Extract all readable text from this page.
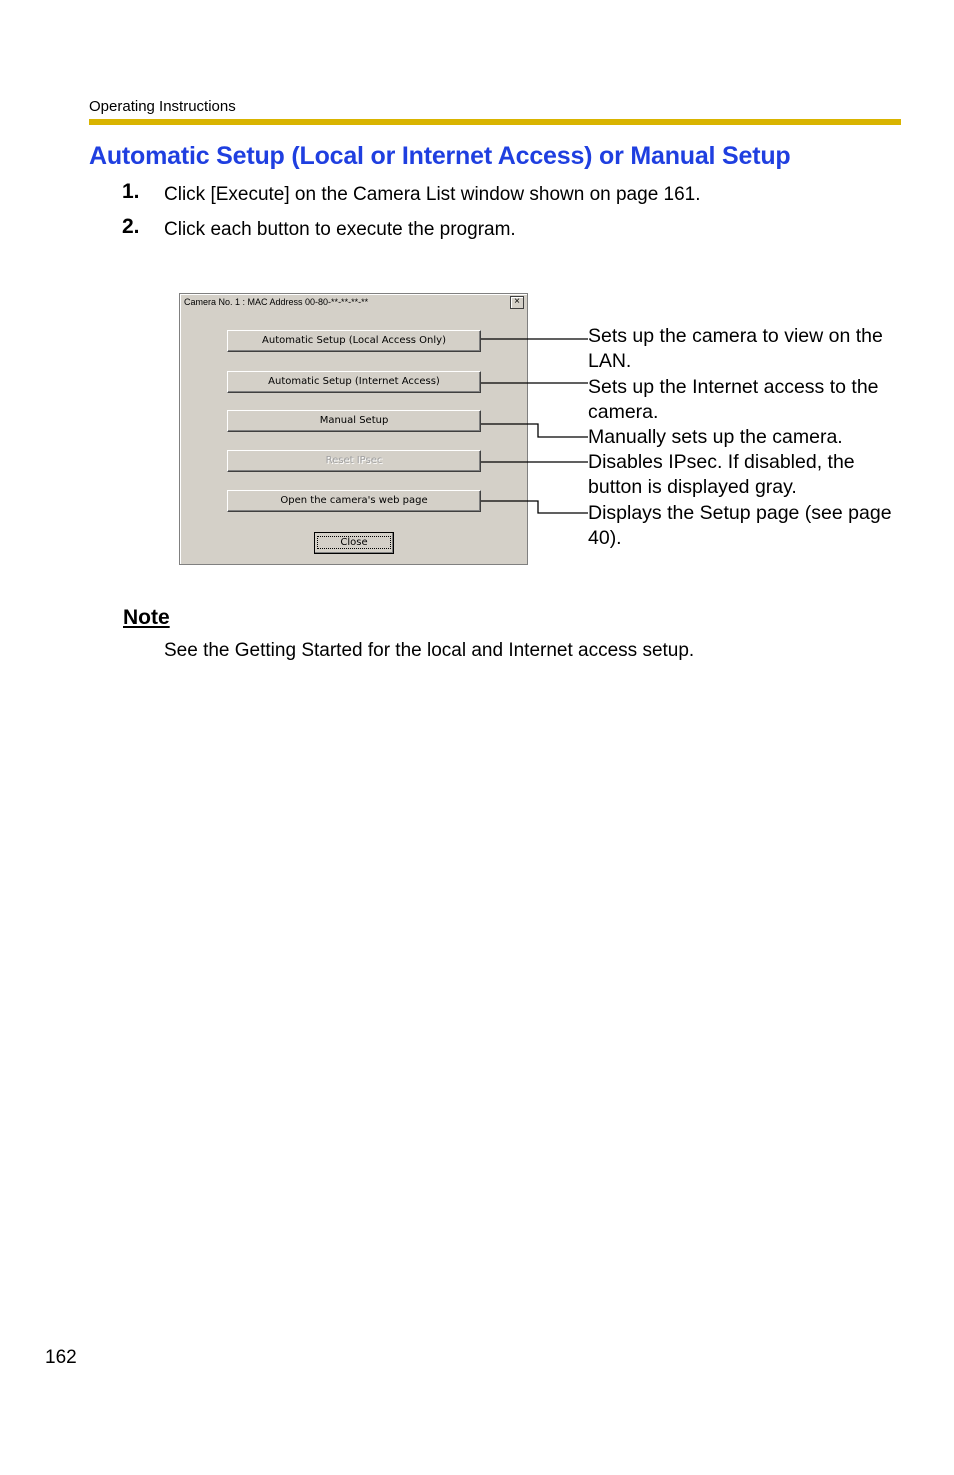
Operating Instructions
Automatic Setup (Local or Internet Access) or Manual Setup
1. Click [Execute] on the Camera List window shown on page 161.
2. Click each button to execute the program.
Camera No. 1 : MAC Address 00-80-**-**-**-**	×
Automatic Setup (Local Access Only)
Automatic Setup (Internet Access)
Manual Setup
Reset IPsec
Open the camera's web page
Close
Sets up the camera to view on the LAN.
Sets up the Internet access to the camera.
Manually sets up the camera.
Disables IPsec. If disabled, the button is displayed gray.
Displays the Setup page (see page 40).
Note
See the Getting Started for the local and Internet access setup.
162
